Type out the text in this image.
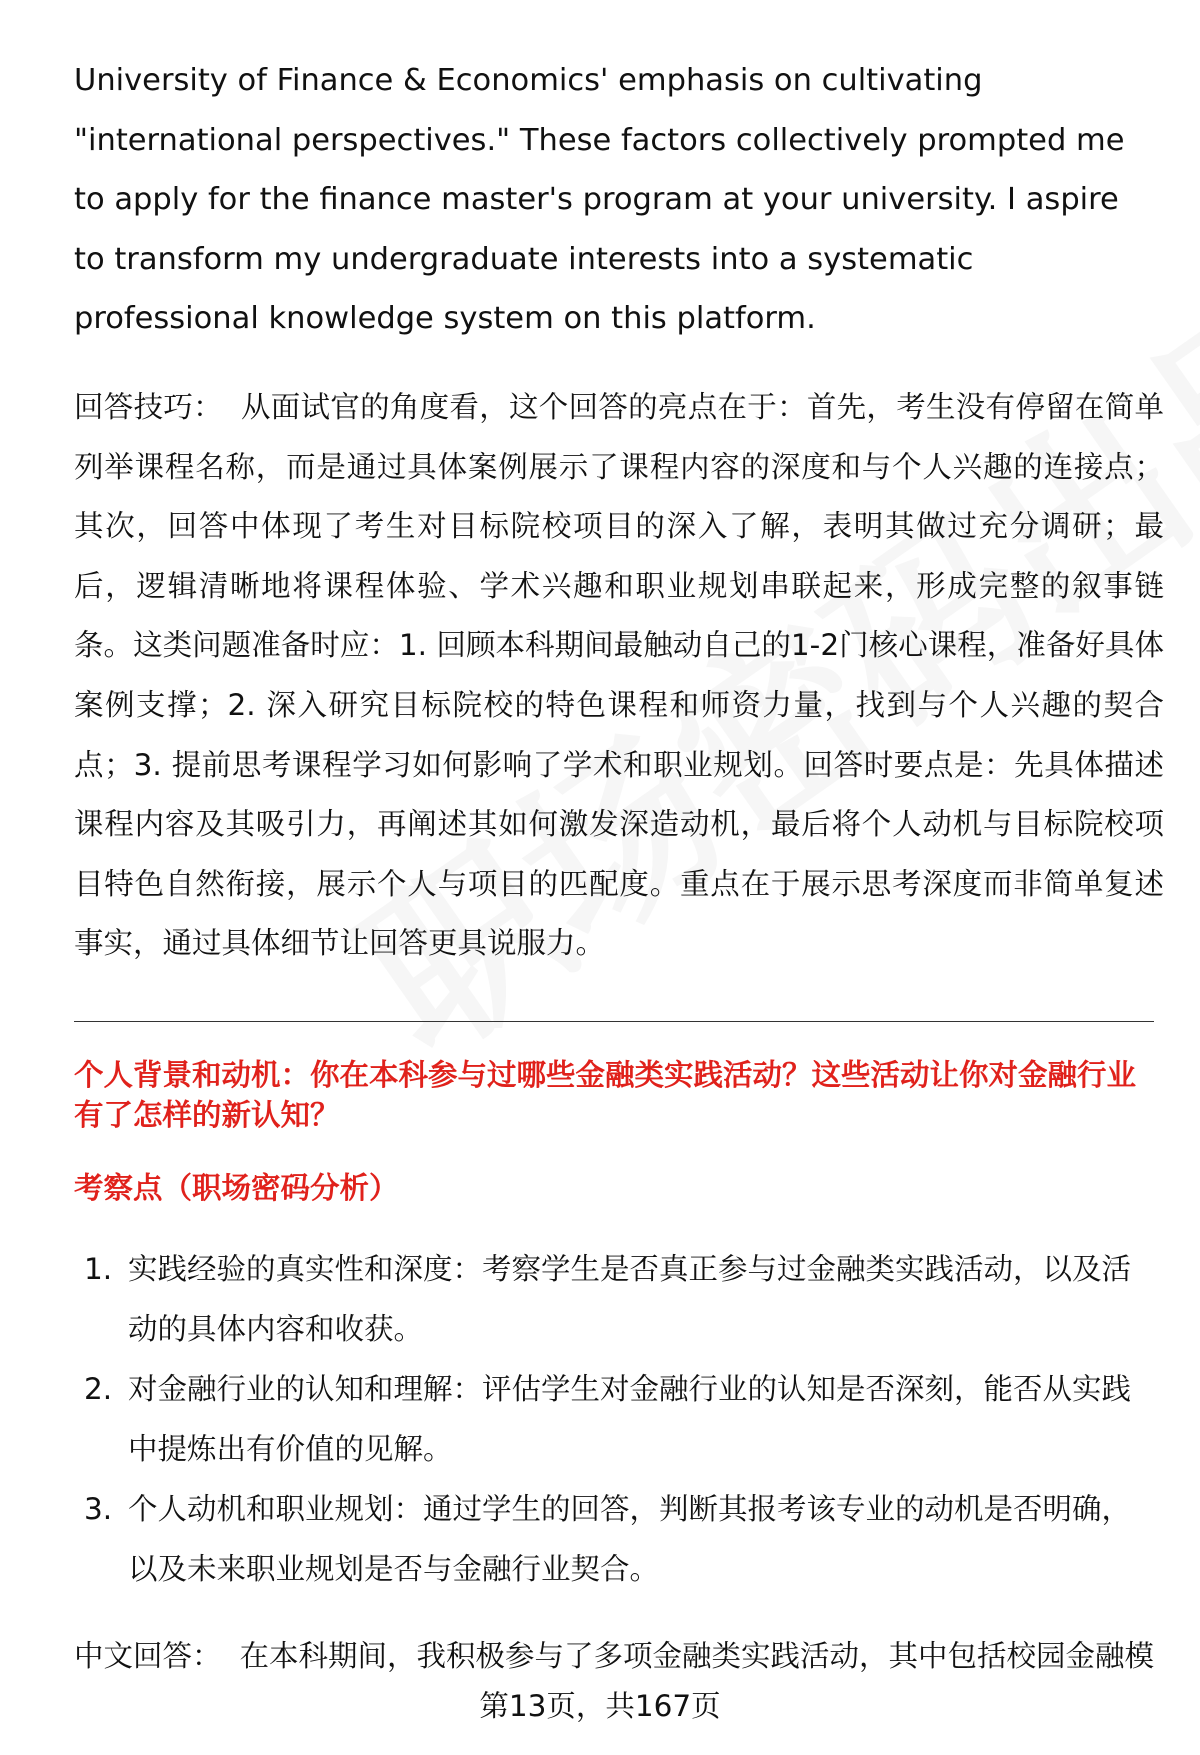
University of Finance & Economics' emphasis on cultivating "international perspectives." These factors collectively prompted me to apply for the finance master's program at your university. I aspire to transform my undergraduate interests into a systematic professional knowledge system on this platform.

回答技巧： 从面试官的角度看，这个回答的亮点在于：首先，考生没有停留在简单列举课程名称，而是通过具体案例展示了课程内容的深度和与个人兴趣的连接点；其次，回答中体现了考生对目标院校项目的深入了解，表明其做过充分调研；最后，逻辑清晰地将课程体验、学术兴趣和职业规划串联起来，形成完整的叙事链条。这类问题准备时应：1. 回顾本科期间最触动自己的1-2门核心课程，准备好具体案例支撑；2. 深入研究目标院校的特色课程和师资力量，找到与个人兴趣的契合点；3. 提前思考课程学习如何影响了学术和职业规划。回答时要点是：先具体描述课程内容及其吸引力，再阐述其如何激发深造动机，最后将个人动机与目标院校项目特色自然衔接，展示个人与项目的匹配度。重点在于展示思考深度而非简单复述事实，通过具体细节让回答更具说服力。

个人背景和动机：你在本科参与过哪些金融类实践活动？这些活动让你对金融行业有了怎样的新认知？

考察点（职场密码分析）

1. 实践经验的真实性和深度：考察学生是否真正参与过金融类实践活动，以及活动的具体内容和收获。
2. 对金融行业的认知和理解：评估学生对金融行业的认知是否深刻，能否从实践中提炼出有价值的见解。
3. 个人动机和职业规划：通过学生的回答，判断其报考该专业的动机是否明确，以及未来职业规划是否与金融行业契合。

中文回答： 在本科期间，我积极参与了多项金融类实践活动，其中包括校园金融模

第13页，共167页
